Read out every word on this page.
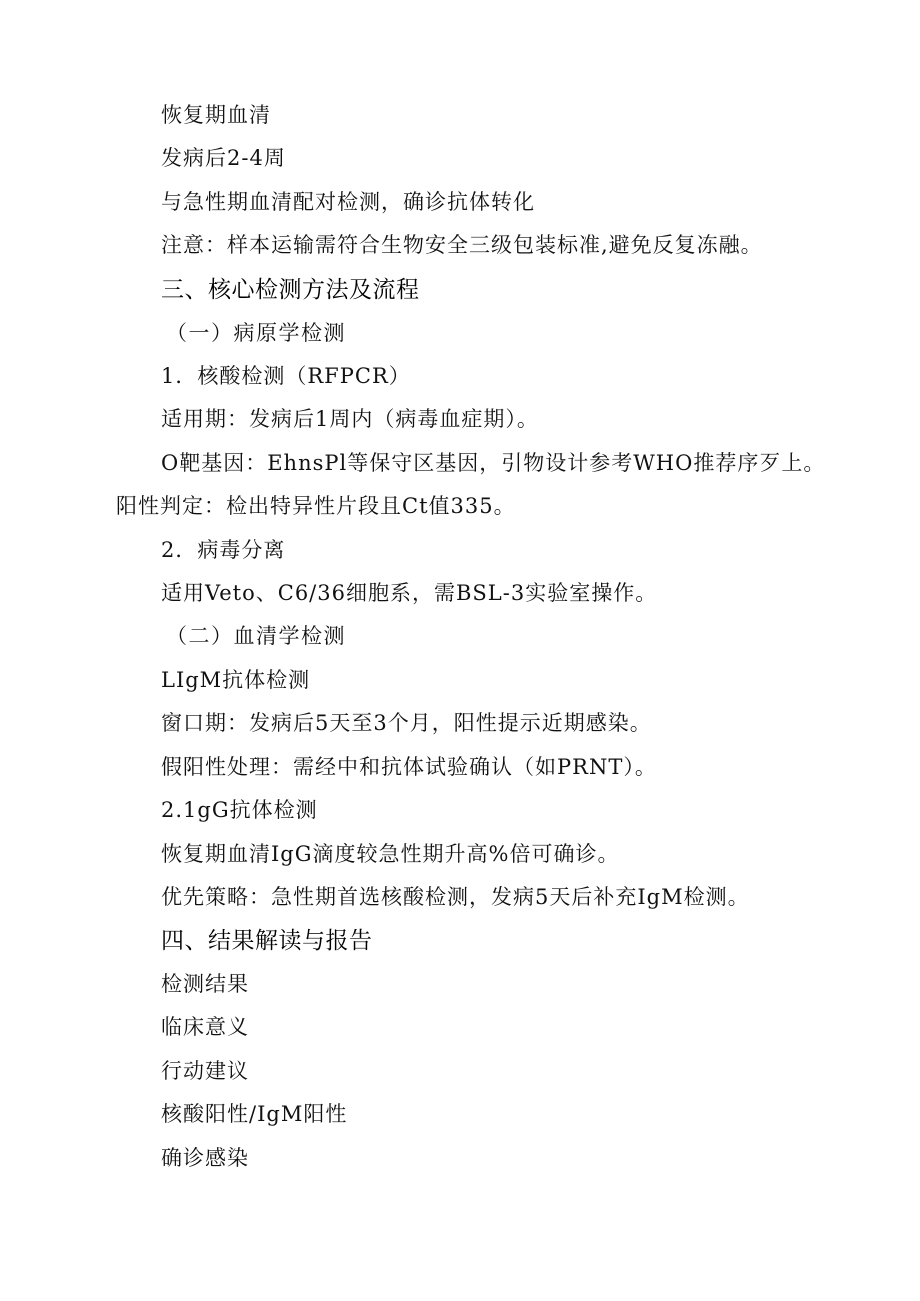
恢复期血清
发病后2-4周
与急性期血清配对检测，确诊抗体转化
注意：样本运输需符合生物安全三级包装标准,避免反复冻融。
三、核心检测方法及流程
（一）病原学检测
1．核酸检测（RFPCR）
适用期：发病后1周内（病毒血症期）。
O靶基因：EhnsPl等保守区基因，引物设计参考WHO推荐序歹上。
阳性判定：检出特异性片段且Ct值335。
2．病毒分离
适用Veto、C6/36细胞系，需BSL-3实验室操作。
（二）血清学检测
LIgM抗体检测
窗口期：发病后5天至3个月，阳性提示近期感染。
假阳性处理：需经中和抗体试验确认（如PRNT）。
2.1gG抗体检测
恢复期血清IgG滴度较急性期升高%倍可确诊。
优先策略：急性期首选核酸检测，发病5天后补充IgM检测。
四、结果解读与报告
检测结果
临床意义
行动建议
核酸阳性/IgM阳性
确诊感染
